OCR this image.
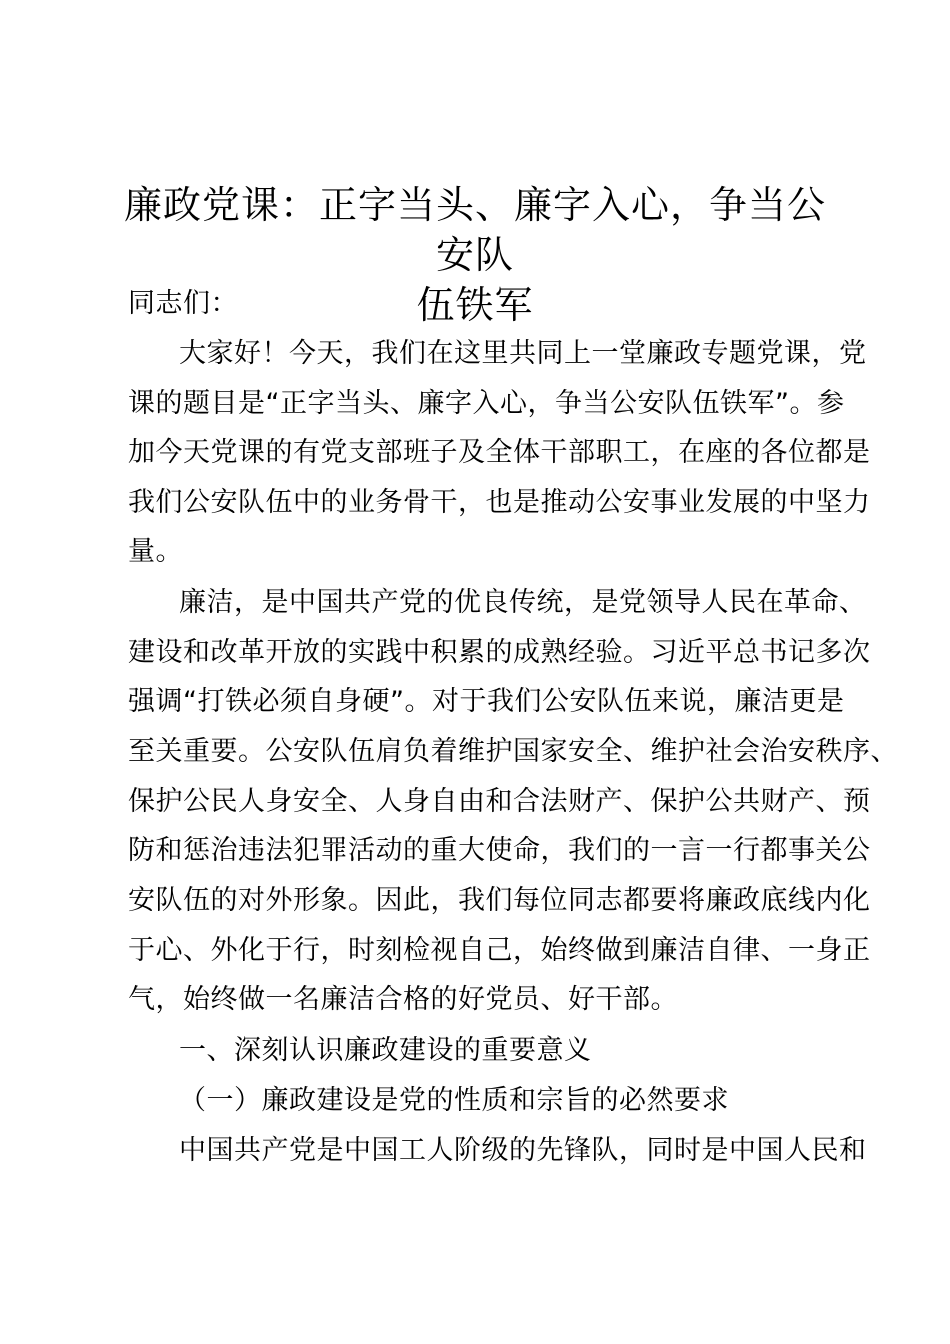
廉政党课：正字当头、廉字入心，争当公安队
伍铁军
同志们：
大家好！今天，我们在这里共同上一堂廉政专题党课，党
课的题目是“正字当头、廉字入心，争当公安队伍铁军”。参
加今天党课的有党支部班子及全体干部职工，在座的各位都是
我们公安队伍中的业务骨干，也是推动公安事业发展的中坚力
量。
廉洁，是中国共产党的优良传统，是党领导人民在革命、
建设和改革开放的实践中积累的成熟经验。习近平总书记多次
强调“打铁必须自身硬”。对于我们公安队伍来说，廉洁更是
至关重要。公安队伍肩负着维护国家安全、维护社会治安秩序、
保护公民人身安全、人身自由和合法财产、保护公共财产、预
防和惩治违法犯罪活动的重大使命，我们的一言一行都事关公
安队伍的对外形象。因此，我们每位同志都要将廉政底线内化
于心、外化于行，时刻检视自己，始终做到廉洁自律、一身正
气，始终做一名廉洁合格的好党员、好干部。
一、深刻认识廉政建设的重要意义
（一）廉政建设是党的性质和宗旨的必然要求
中国共产党是中国工人阶级的先锋队，同时是中国人民和
